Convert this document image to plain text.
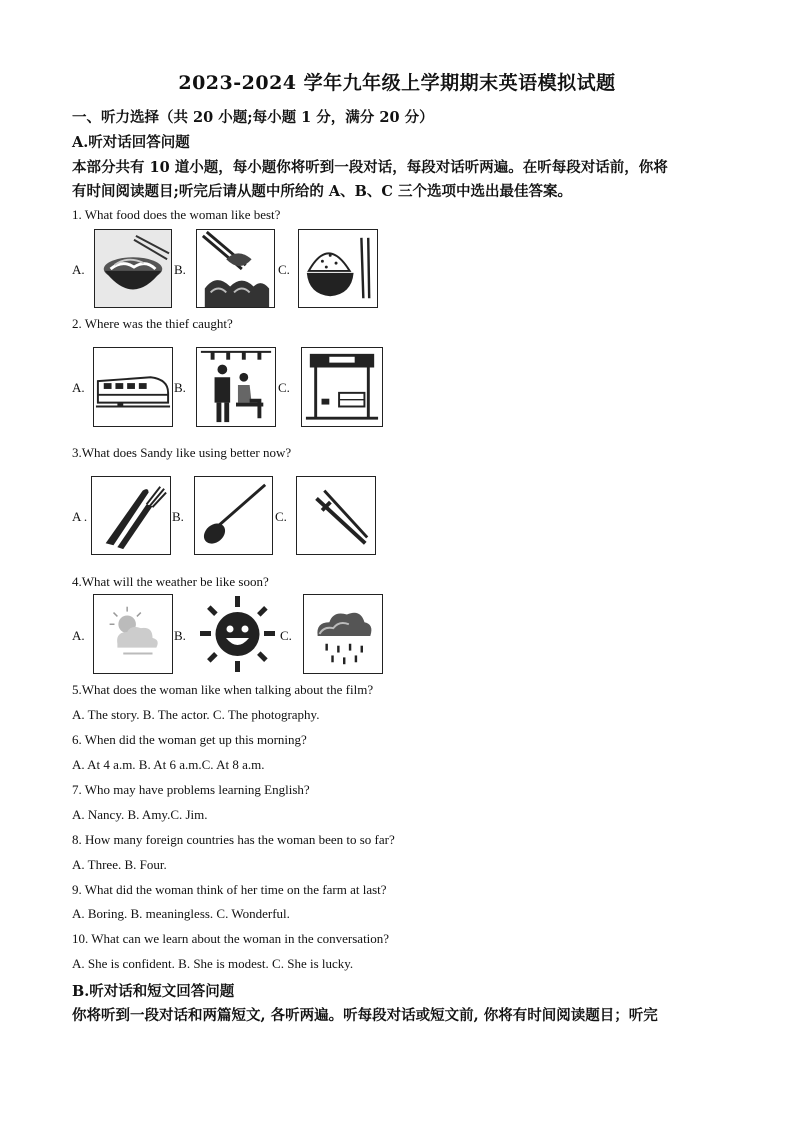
2023-2024 学年九年级上学期期末英语模拟试题
一、听力选择（共 20 小题;每小题 1 分，满分 20 分）
A.听对话回答问题
本部分共有 10 道小题，每小题你将听到一段对话，每段对话听两遍。在听每段对话前，你将
有时间阅读题目;听完后请从题中所给的 A、B、C 三个选项中选出最佳答案。
1. What food does the woman like best?
A.	B.	C.
2. Where was the thief caught?
A.	B.	C.
3.What does Sandy like using better now?
A .	B.	C.
4.What will the weather be like soon?
A.	B.	C.
5.What does the woman like when talking about the film?
A. The story. B. The actor. C. The photography.
6. When did the woman get up this morning?
A. At 4 a.m. B. At 6 a.m.C. At 8 a.m.
7. Who may have problems learning English?
A. Nancy. B. Amy.C. Jim.
8. How many foreign countries has the woman been to so far?
A. Three. B. Four.
9. What did the woman think of her time on the farm at last?
A. Boring. B. meaningless. C. Wonderful.
10. What can we learn about the woman in the conversation?
A. She is confident. B. She is modest. C. She is lucky.
B.听对话和短文回答问题
你将听到一段对话和两篇短文, 各听两遍。听每段对话或短文前, 你将有时间阅读题目；听完
